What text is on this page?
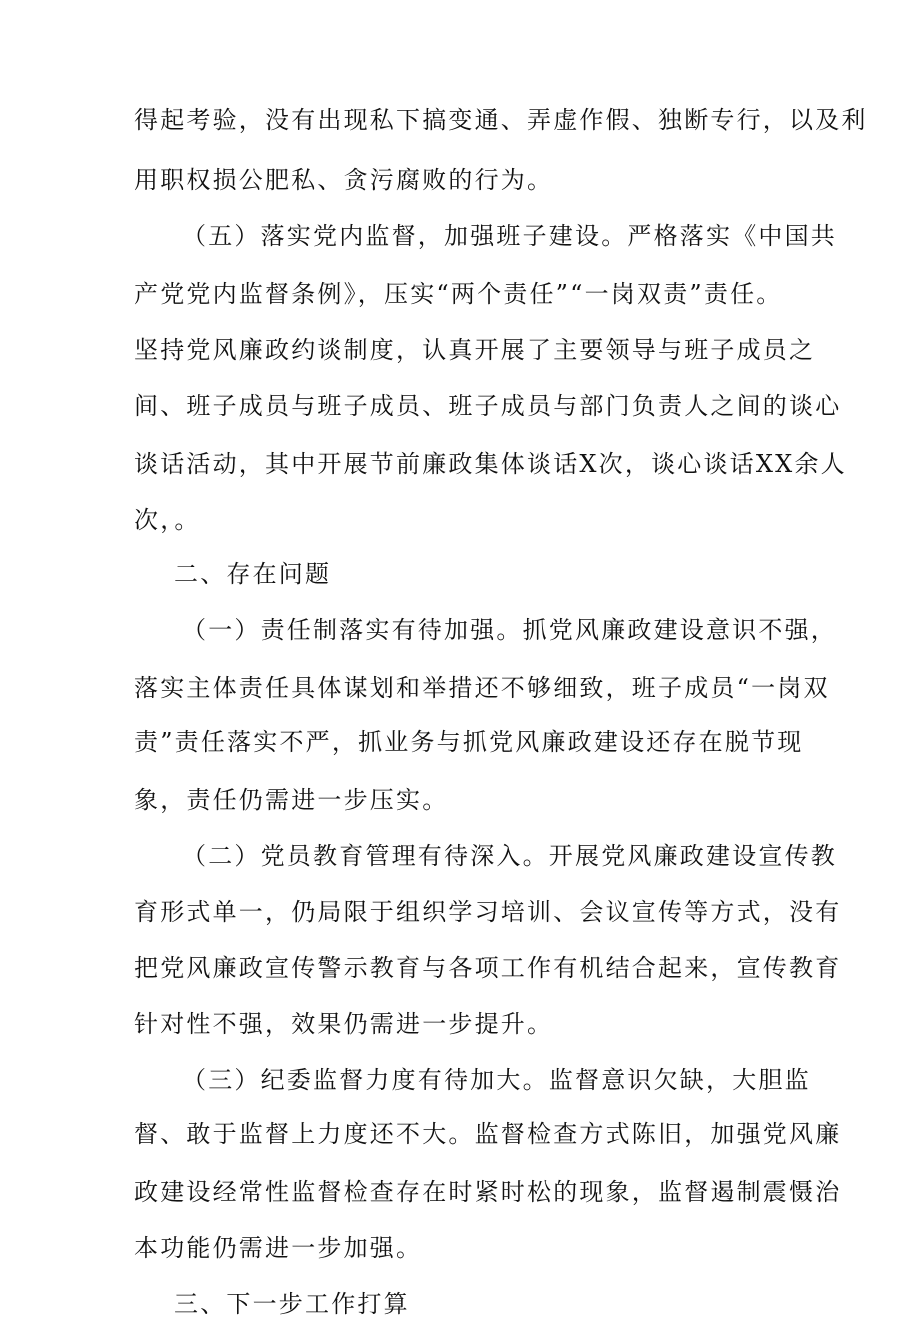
得起考验，没有出现私下搞变通、弄虚作假、独断专行，以及利

用职权损公肥私、贪污腐败的行为。

（五）落实党内监督，加强班子建设。严格落实《中国共

产党党内监督条例》，压实“两个责任”“一岗双责”责任。

坚持党风廉政约谈制度，认真开展了主要领导与班子成员之

间、班子成员与班子成员、班子成员与部门负责人之间的谈心

谈话活动，其中开展节前廉政集体谈话X次，谈心谈话XX余人

次，。

二、存在问题

（一）责任制落实有待加强。抓党风廉政建设意识不强，

落实主体责任具体谋划和举措还不够细致，班子成员“一岗双

责”责任落实不严，抓业务与抓党风廉政建设还存在脱节现

象，责任仍需进一步压实。

（二）党员教育管理有待深入。开展党风廉政建设宣传教

育形式单一，仍局限于组织学习培训、会议宣传等方式，没有

把党风廉政宣传警示教育与各项工作有机结合起来，宣传教育

针对性不强，效果仍需进一步提升。

（三）纪委监督力度有待加大。监督意识欠缺，大胆监

督、敢于监督上力度还不大。监督检查方式陈旧，加强党风廉

政建设经常性监督检查存在时紧时松的现象，监督遏制震慑治

本功能仍需进一步加强。

三、下一步工作打算
